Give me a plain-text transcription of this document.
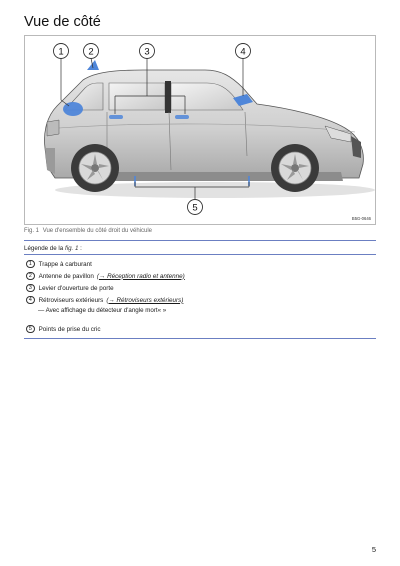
Vue de côté
1	2	3	4
5
B5G-0646
Fig. 1 Vue d'ensemble du côté droit du véhicule
Légende de la fig. 1 :
1	Trappe à carburant
2	Antenne de pavillon (→ Réception radio et antenne)
3	Levier d'ouverture de porte
4	Rétroviseurs extérieurs (→ Rétroviseurs extérieurs)
— Avec affichage du détecteur d'angle mort« »
5	Points de prise du cric
5
